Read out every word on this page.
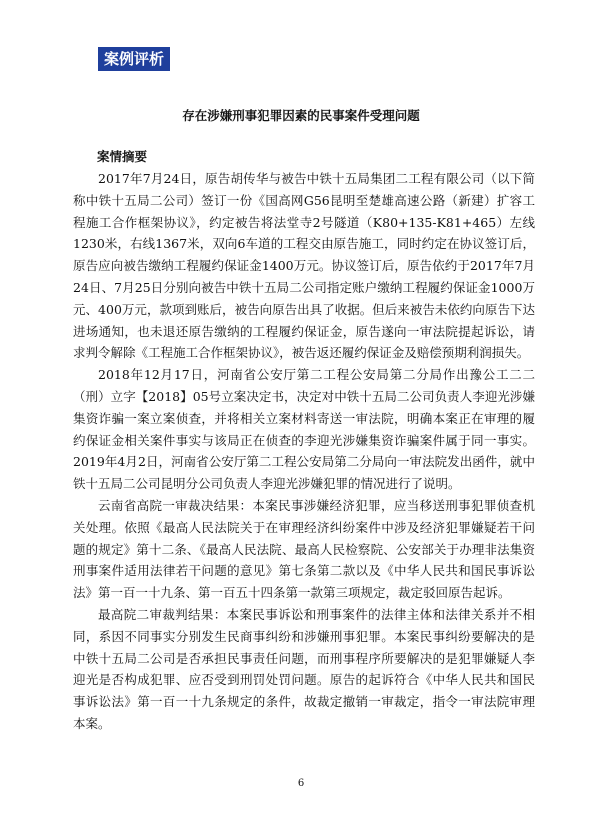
案例评析
存在涉嫌刑事犯罪因素的民事案件受理问题
案情摘要

2017年7月24日，原告胡传华与被告中铁十五局集团二工程有限公司（以下简称中铁十五局二公司）签订一份《国高网G56昆明至楚雄高速公路（新建）扩容工程施工合作框架协议》，约定被告将法堂寺2号隧道（K80+135-K81+465）左线1230米，右线1367米，双向6车道的工程交由原告施工，同时约定在协议签订后，原告应向被告缴纳工程履约保证金1400万元。协议签订后，原告依约于2017年7月24日、7月25日分别向被告中铁十五局二公司指定账户缴纳工程履约保证金1000万元、400万元，款项到账后，被告向原告出具了收据。但后来被告未依约向原告下达进场通知，也未退还原告缴纳的工程履约保证金，原告遂向一审法院提起诉讼，请求判令解除《工程施工合作框架协议》，被告返还履约保证金及赔偿预期利润损失。

2018年12月17日，河南省公安厅第二工程公安局第二分局作出豫公工二二（刑）立字【2018】05号立案决定书，决定对中铁十五局二公司负责人李迎光涉嫌集资诈骗一案立案侦查，并将相关立案材料寄送一审法院，明确本案正在审理的履约保证金相关案件事实与该局正在侦查的李迎光涉嫌集资诈骗案件属于同一事实。2019年4月2日，河南省公安厅第二工程公安局第二分局向一审法院发出函件，就中铁十五局二公司昆明分公司负责人李迎光涉嫌犯罪的情况进行了说明。

云南省高院一审裁决结果：本案民事涉嫌经济犯罪，应当移送刑事犯罪侦查机关处理。依照《最高人民法院关于在审理经济纠纷案件中涉及经济犯罪嫌疑若干问题的规定》第十二条、《最高人民法院、最高人民检察院、公安部关于办理非法集资刑事案件适用法律若干问题的意见》第七条第二款以及《中华人民共和国民事诉讼法》第一百一十九条、第一百五十四条第一款第三项规定，裁定驳回原告起诉。

最高院二审裁判结果：本案民事诉讼和刑事案件的法律主体和法律关系并不相同，系因不同事实分别发生民商事纠纷和涉嫌刑事犯罪。本案民事纠纷要解决的是中铁十五局二公司是否承担民事责任问题，而刑事程序所要解决的是犯罪嫌疑人李迎光是否构成犯罪、应否受到刑罚处罚问题。原告的起诉符合《中华人民共和国民事诉讼法》第一百一十九条规定的条件，故裁定撤销一审裁定，指令一审法院审理本案。

6
